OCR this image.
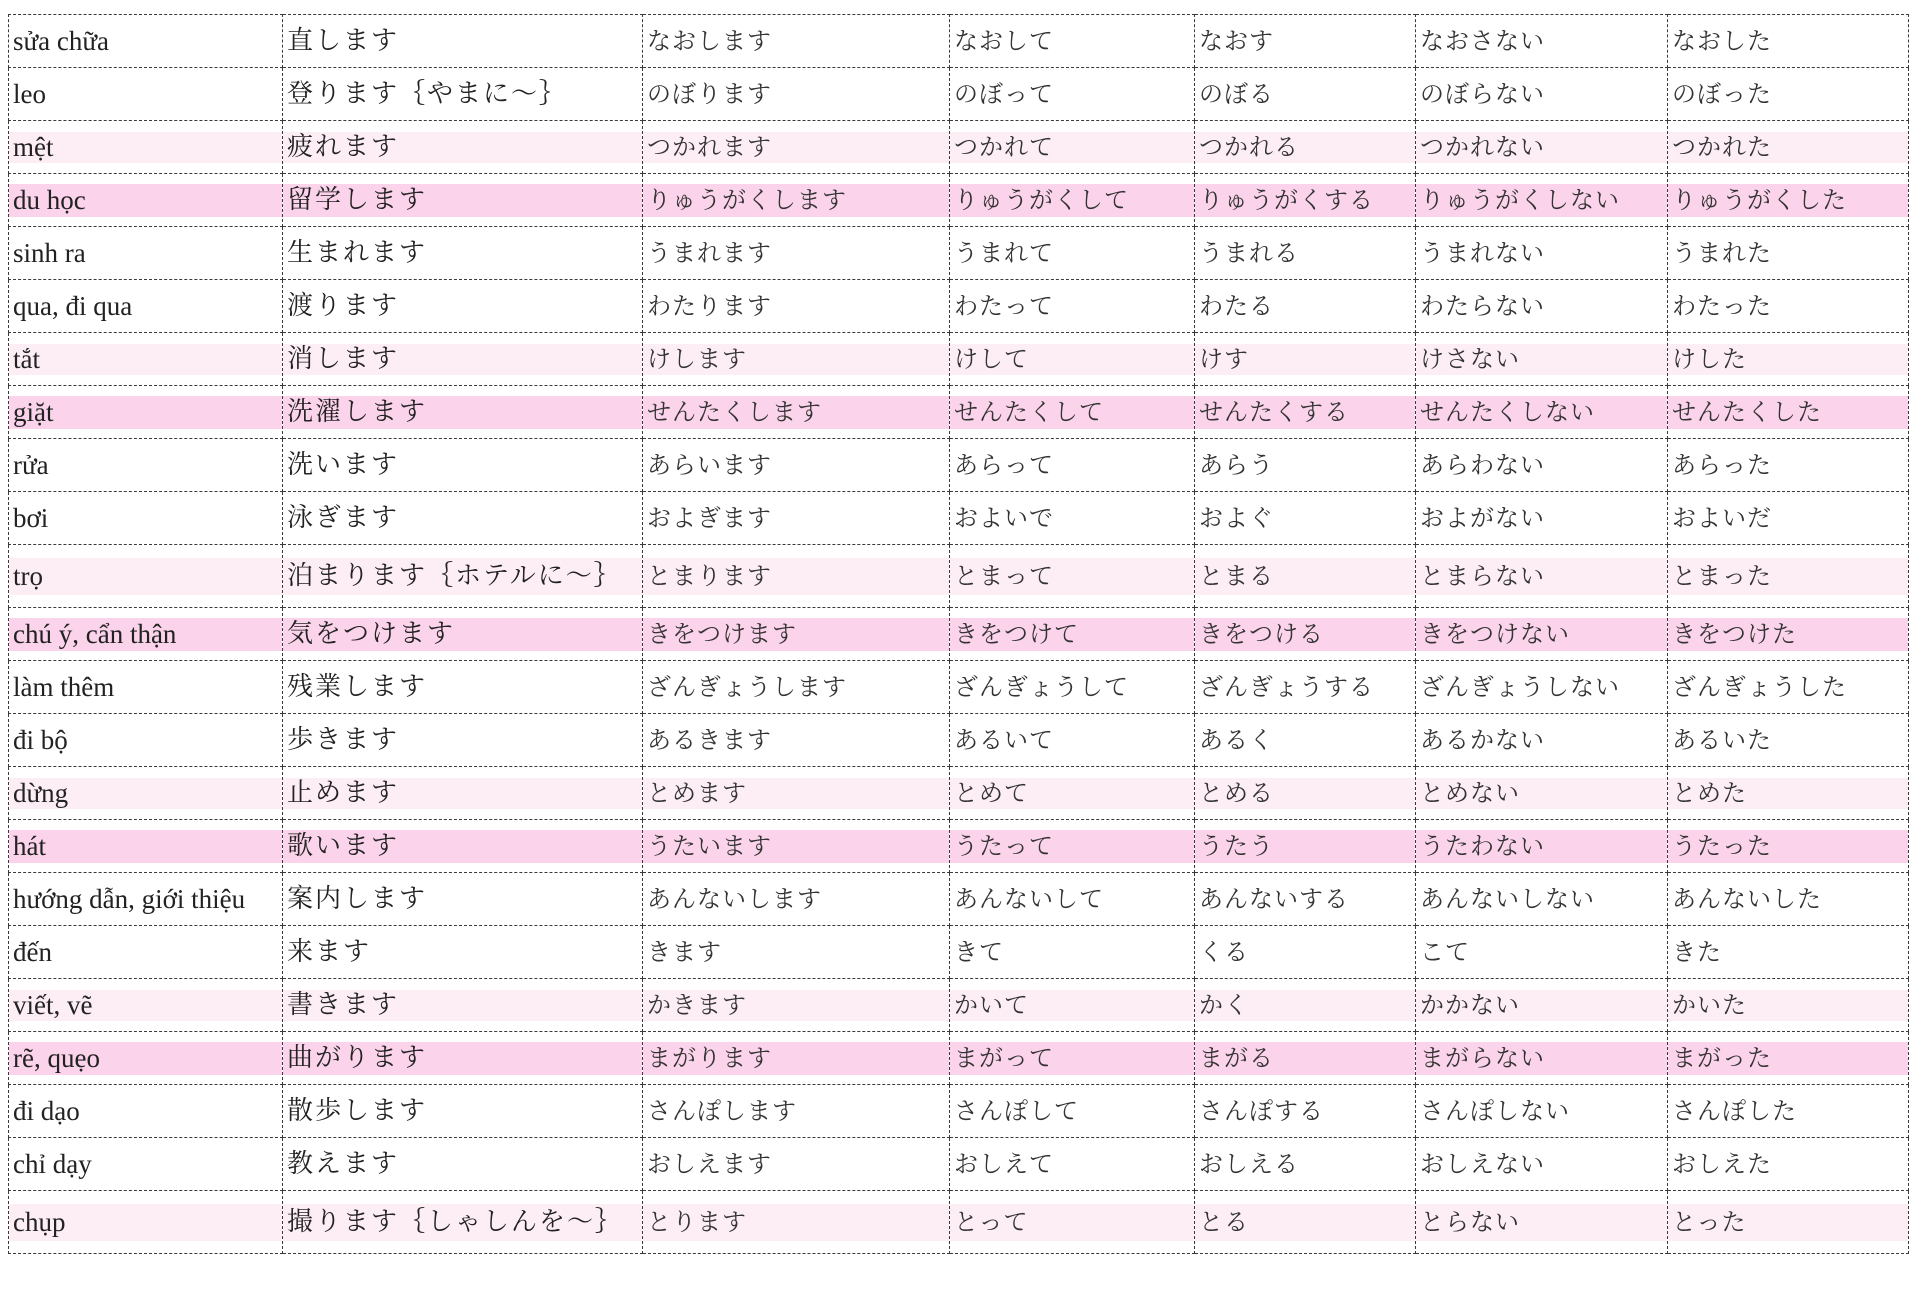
sửa chữa	直します	なおします	なおして	なおす	なおさない	なおした
leo	登ります｛やまに～｝	のぼります	のぼって	のぼる	のぼらない	のぼった
mệt	疲れます	つかれます	つかれて	つかれる	つかれない	つかれた
du học	留学します	りゅうがくします	りゅうがくして	りゅうがくする	りゅうがくしない	りゅうがくした
sinh ra	生まれます	うまれます	うまれて	うまれる	うまれない	うまれた
qua, đi qua	渡ります	わたります	わたって	わたる	わたらない	わたった
tắt	消します	けします	けして	けす	けさない	けした
giặt	洗濯します	せんたくします	せんたくして	せんたくする	せんたくしない	せんたくした
rửa	洗います	あらいます	あらって	あらう	あらわない	あらった
bơi	泳ぎます	およぎます	およいで	およぐ	およがない	およいだ
trọ	泊まります｛ホテルに～｝	とまります	とまって	とまる	とまらない	とまった
chú ý, cẩn thận	気をつけます	きをつけます	きをつけて	きをつける	きをつけない	きをつけた
làm thêm	残業します	ざんぎょうします	ざんぎょうして	ざんぎょうする	ざんぎょうしない	ざんぎょうした
đi bộ	歩きます	あるきます	あるいて	あるく	あるかない	あるいた
dừng	止めます	とめます	とめて	とめる	とめない	とめた
hát	歌います	うたいます	うたって	うたう	うたわない	うたった
hướng dẫn, giới thiệu	案内します	あんないします	あんないして	あんないする	あんないしない	あんないした
đến	来ます	きます	きて	くる	こて	きた
viết, vẽ	書きます	かきます	かいて	かく	かかない	かいた
rẽ, quẹo	曲がります	まがります	まがって	まがる	まがらない	まがった
đi dạo	散歩します	さんぽします	さんぽして	さんぽする	さんぽしない	さんぽした
chỉ dạy	教えます	おしえます	おしえて	おしえる	おしえない	おしえた
chụp	撮ります｛しゃしんを～｝	とります	とって	とる	とらない	とった
